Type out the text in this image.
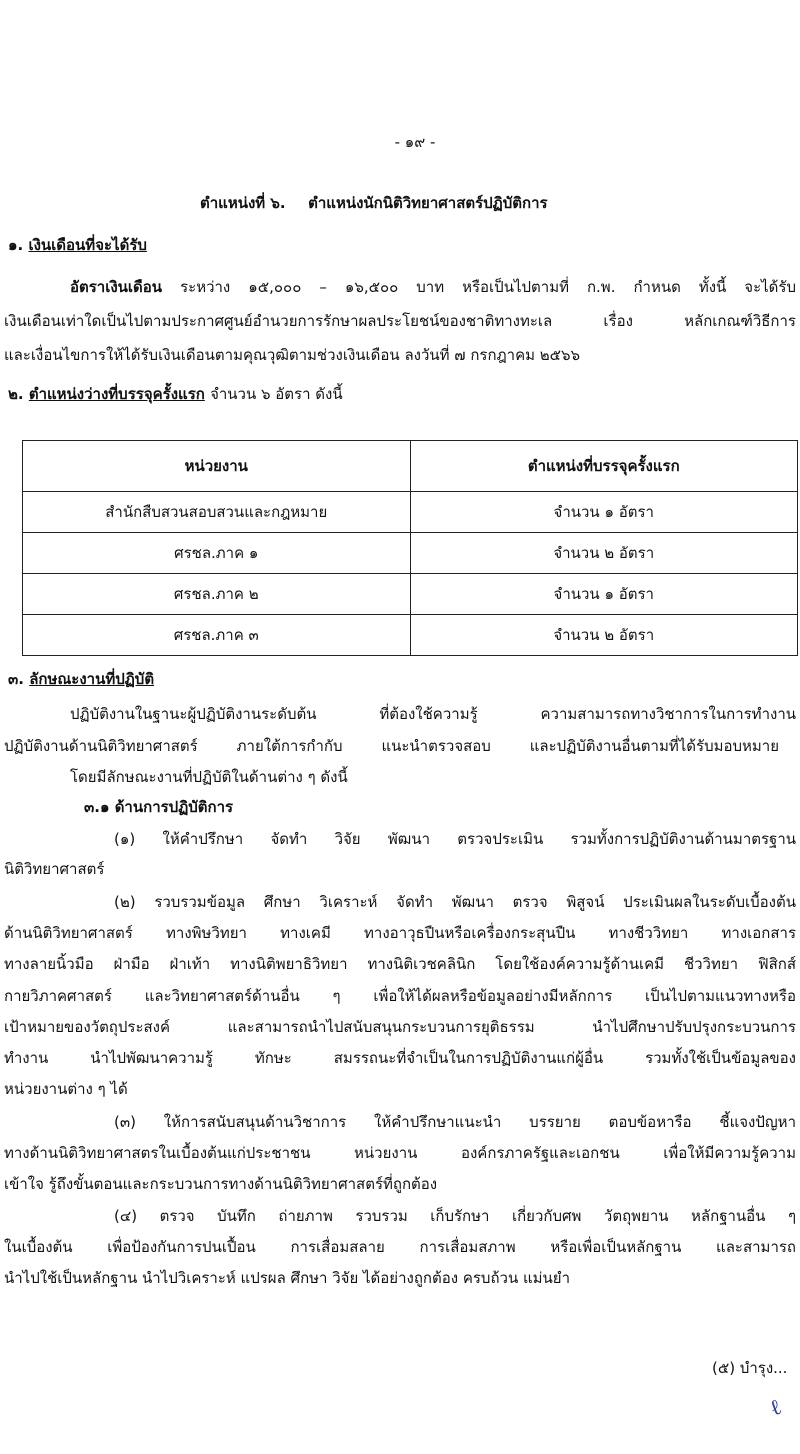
- ๑๙ -
ตำแหน่งที่ ๖. ตำแหน่งนักนิติวิทยาศาสตร์ปฏิบัติการ
๑. เงินเดือนที่จะได้รับ
อัตราเงินเดือน ระหว่าง ๑๕,๐๐๐ – ๑๖,๕๐๐ บาท หรือเป็นไปตามที่ ก.พ. กำหนด ทั้งนี้ จะได้รับ
เงินเดือนเท่าใดเป็นไปตามประกาศศูนย์อำนวยการรักษาผลประโยชน์ของชาติทางทะเล เรื่อง หลักเกณฑ์วิธีการ
และเงื่อนไขการให้ได้รับเงินเดือนตามคุณวุฒิตามช่วงเงินเดือน ลงวันที่ ๗ กรกฎาคม ๒๕๖๖
๒. ตำแหน่งว่างที่บรรจุครั้งแรก จำนวน ๖ อัตรา ดังนี้
หน่วยงาน	ตำแหน่งที่บรรจุครั้งแรก
สำนักสืบสวนสอบสวนและกฎหมาย	จำนวน ๑ อัตรา
ศรชล.ภาค ๑	จำนวน ๒ อัตรา
ศรชล.ภาค ๒	จำนวน ๑ อัตรา
ศรชล.ภาค ๓	จำนวน ๒ อัตรา
๓. ลักษณะงานที่ปฏิบัติ
ปฏิบัติงานในฐานะผู้ปฏิบัติงานระดับต้น ที่ต้องใช้ความรู้ ความสามารถทางวิชาการในการทำงาน
ปฏิบัติงานด้านนิติวิทยาศาสตร์ ภายใต้การกำกับ แนะนำตรวจสอบ และปฏิบัติงานอื่นตามที่ได้รับมอบหมาย
โดยมีลักษณะงานที่ปฏิบัติในด้านต่าง ๆ ดังนี้
๓.๑ ด้านการปฏิบัติการ
(๑) ให้คำปรึกษา จัดทำ วิจัย พัฒนา ตรวจประเมิน รวมทั้งการปฏิบัติงานด้านมาตรฐาน
นิติวิทยาศาสตร์
(๒) รวบรวมข้อมูล ศึกษา วิเคราะห์ จัดทำ พัฒนา ตรวจ พิสูจน์ ประเมินผลในระดับเบื้องต้น
ด้านนิติวิทยาศาสตร์ ทางพิษวิทยา ทางเคมี ทางอาวุธปืนหรือเครื่องกระสุนปืน ทางชีววิทยา ทางเอกสาร
ทางลายนิ้วมือ ฝ่ามือ ฝ่าเท้า ทางนิติพยาธิวิทยา ทางนิติเวชคลินิก โดยใช้องค์ความรู้ด้านเคมี ชีววิทยา ฟิสิกส์
กายวิภาคศาสตร์ และวิทยาศาสตร์ด้านอื่น ๆ เพื่อให้ได้ผลหรือข้อมูลอย่างมีหลักการ เป็นไปตามแนวทางหรือ
เป้าหมายของวัตถุประสงค์ และสามารถนำไปสนับสนุนกระบวนการยุติธรรม นำไปศึกษาปรับปรุงกระบวนการ
ทำงาน นำไปพัฒนาความรู้ ทักษะ สมรรถนะที่จำเป็นในการปฏิบัติงานแก่ผู้อื่น รวมทั้งใช้เป็นข้อมูลของ
หน่วยงานต่าง ๆ ได้
(๓) ให้การสนับสนุนด้านวิชาการ ให้คำปรึกษาแนะนำ บรรยาย ตอบข้อหารือ ชี้แจงปัญหา
ทางด้านนิติวิทยาศาสตรในเบื้องต้นแก่ประชาชน หน่วยงาน องค์กรภาครัฐและเอกชน เพื่อให้มีความรู้ความ
เข้าใจ รู้ถึงขั้นตอนและกระบวนการทางด้านนิติวิทยาศาสตร์ที่ถูกต้อง
(๔) ตรวจ บันทึก ถ่ายภาพ รวบรวม เก็บรักษา เกี่ยวกับศพ วัตถุพยาน หลักฐานอื่น ๆ
ในเบื้องต้น เพื่อป้องกันการปนเปื้อน การเสื่อมสลาย การเสื่อมสภาพ หรือเพื่อเป็นหลักฐาน และสามารถ
นำไปใช้เป็นหลักฐาน นำไปวิเคราะห์ แปรผล ศึกษา วิจัย ได้อย่างถูกต้อง ครบถ้วน แม่นยำ
(๕) บำรุง...
ℓ
